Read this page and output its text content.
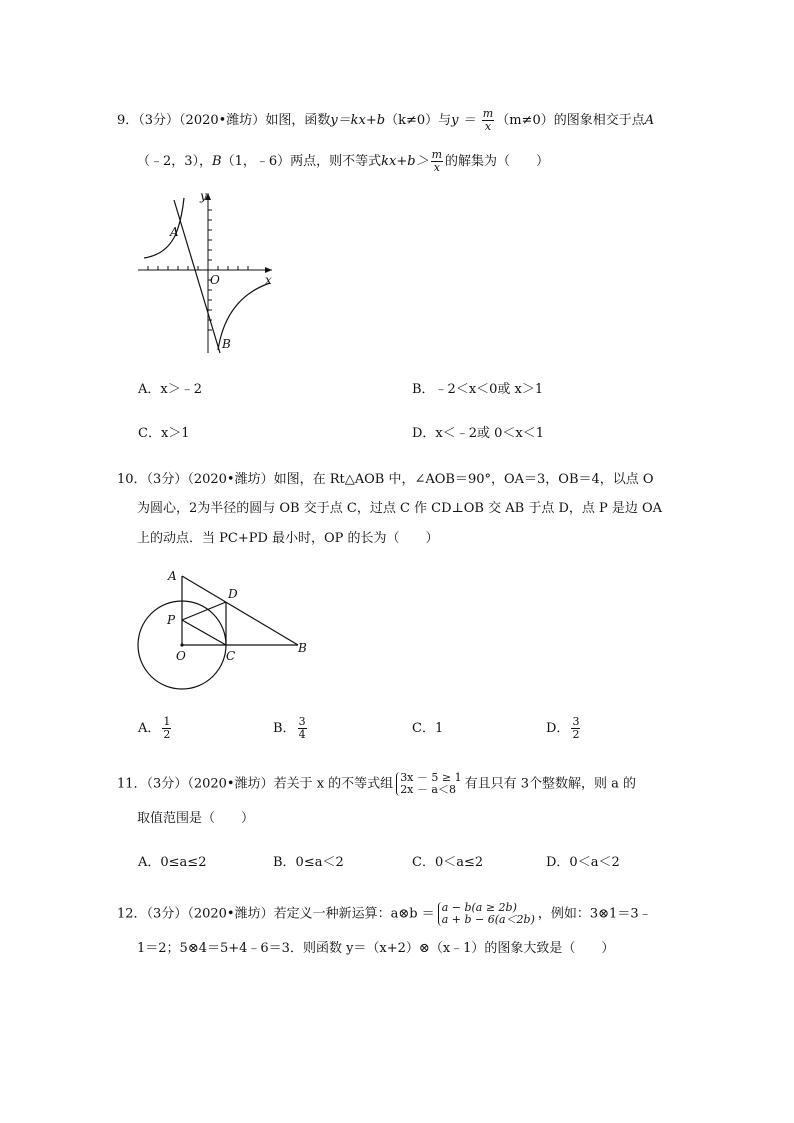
9．（3分）（2020•潍坊）如图，函数y＝kx+b（k≠0）与$y = \frac{m}{x} (m\ne 0)$的图象相交于点A
（﹣2，3），B（1，﹣6）两点，则不等式$kx+b> \frac{m}{x}$ 的解集为（　　）
y
x
O
A
B
A．x＞﹣2	B．﹣2＜x＜0或 x＞1
C．x＞1	D．x＜﹣2或 0＜x＜1
10．（3分）（2020•潍坊）如图，在 Rt△AOB 中，∠AOB＝90°，OA＝3，OB＝4，以点 O
为圆心，2为半径的圆与 OB 交于点 C，过点 C 作 CD⊥OB 交 AB 于点 D，点 P 是边 OA
上的动点．当 PC+PD 最小时，OP 的长为（　　）
A
D
P
O	C
B
A． $\frac{1}{2}$	B． $\frac{3}{4}$	C．1	D． $\frac{3}{2}$
11．（3分）（2020•潍坊）若关于 x 的不等式组 3x － 5 ≥ 1
2x － a＜8 有且只有 3个整数解，则 a 的
取值范围是（　　）
A．0≤a≤2	B．0≤a＜2	C．0＜a≤2	D．0＜a＜2
12．（3分）（2020•潍坊）若定义一种新运算：a⊗b ＝ a − b(a ≥ 2b)
a + b − 6(a＜2b) ，例如：3⊗1＝3﹣
1＝2；5⊗4＝5+4﹣6＝3．则函数 y＝（x+2）⊗（x﹣1）的图象大致是（　　）
